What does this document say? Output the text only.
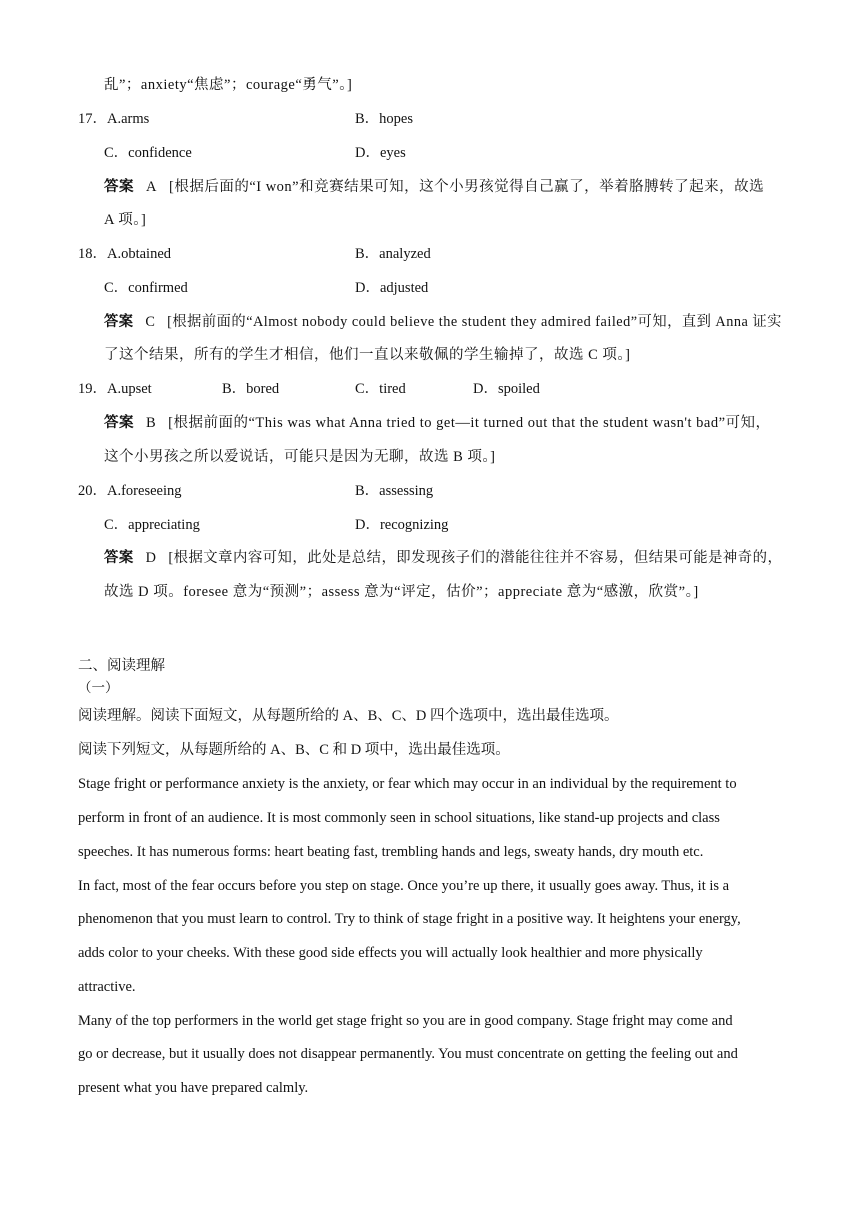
乱”；anxiety“焦虑”；courage“勇气”。]
17．A.arms	B．hopes
C．confidence	D．eyes
答案 A [根据后面的“I won”和竞赛结果可知，这个小男孩觉得自己赢了，举着胳膊转了起来，故选
A 项。]
18．A.obtained	B．analyzed
C．confirmed	D．adjusted
答案 C [根据前面的“Almost nobody could believe the student they admired failed”可知，直到 Anna 证实
了这个结果，所有的学生才相信，他们一直以来敬佩的学生输掉了，故选 C 项。]
19．A.upset	B．bored	C．tired	D．spoiled
答案 B [根据前面的“This was what Anna tried to get—it turned out that the student wasn't bad”可知，
这个小男孩之所以爱说话，可能只是因为无聊，故选 B 项。]
20．A.foreseeing	B．assessing
C．appreciating	D．recognizing
答案 D [根据文章内容可知，此处是总结，即发现孩子们的潜能往往并不容易，但结果可能是神奇的，
故选 D 项。foresee 意为“预测”；assess 意为“评定，估价”；appreciate 意为“感激，欣赏”。]
二、阅读理解
（一）
阅读理解。阅读下面短文，从每题所给的 A、B、C、D 四个选项中，选出最佳选项。
阅读下列短文，从每题所给的 A、B、C 和 D 项中，选出最佳选项。
Stage fright or performance anxiety is the anxiety, or fear which may occur in an individual by the requirement to
perform in front of an audience. It is most commonly seen in school situations, like stand-up projects and class
speeches. It has numerous forms: heart beating fast, trembling hands and legs, sweaty hands, dry mouth etc.
In fact, most of the fear occurs before you step on stage. Once you’re up there, it usually goes away. Thus, it is a
phenomenon that you must learn to control. Try to think of stage fright in a positive way. It heightens your energy,
adds color to your cheeks. With these good side effects you will actually look healthier and more physically
attractive.
Many of the top performers in the world get stage fright so you are in good company. Stage fright may come and
go or decrease, but it usually does not disappear permanently. You must concentrate on getting the feeling out and
present what you have prepared calmly.
